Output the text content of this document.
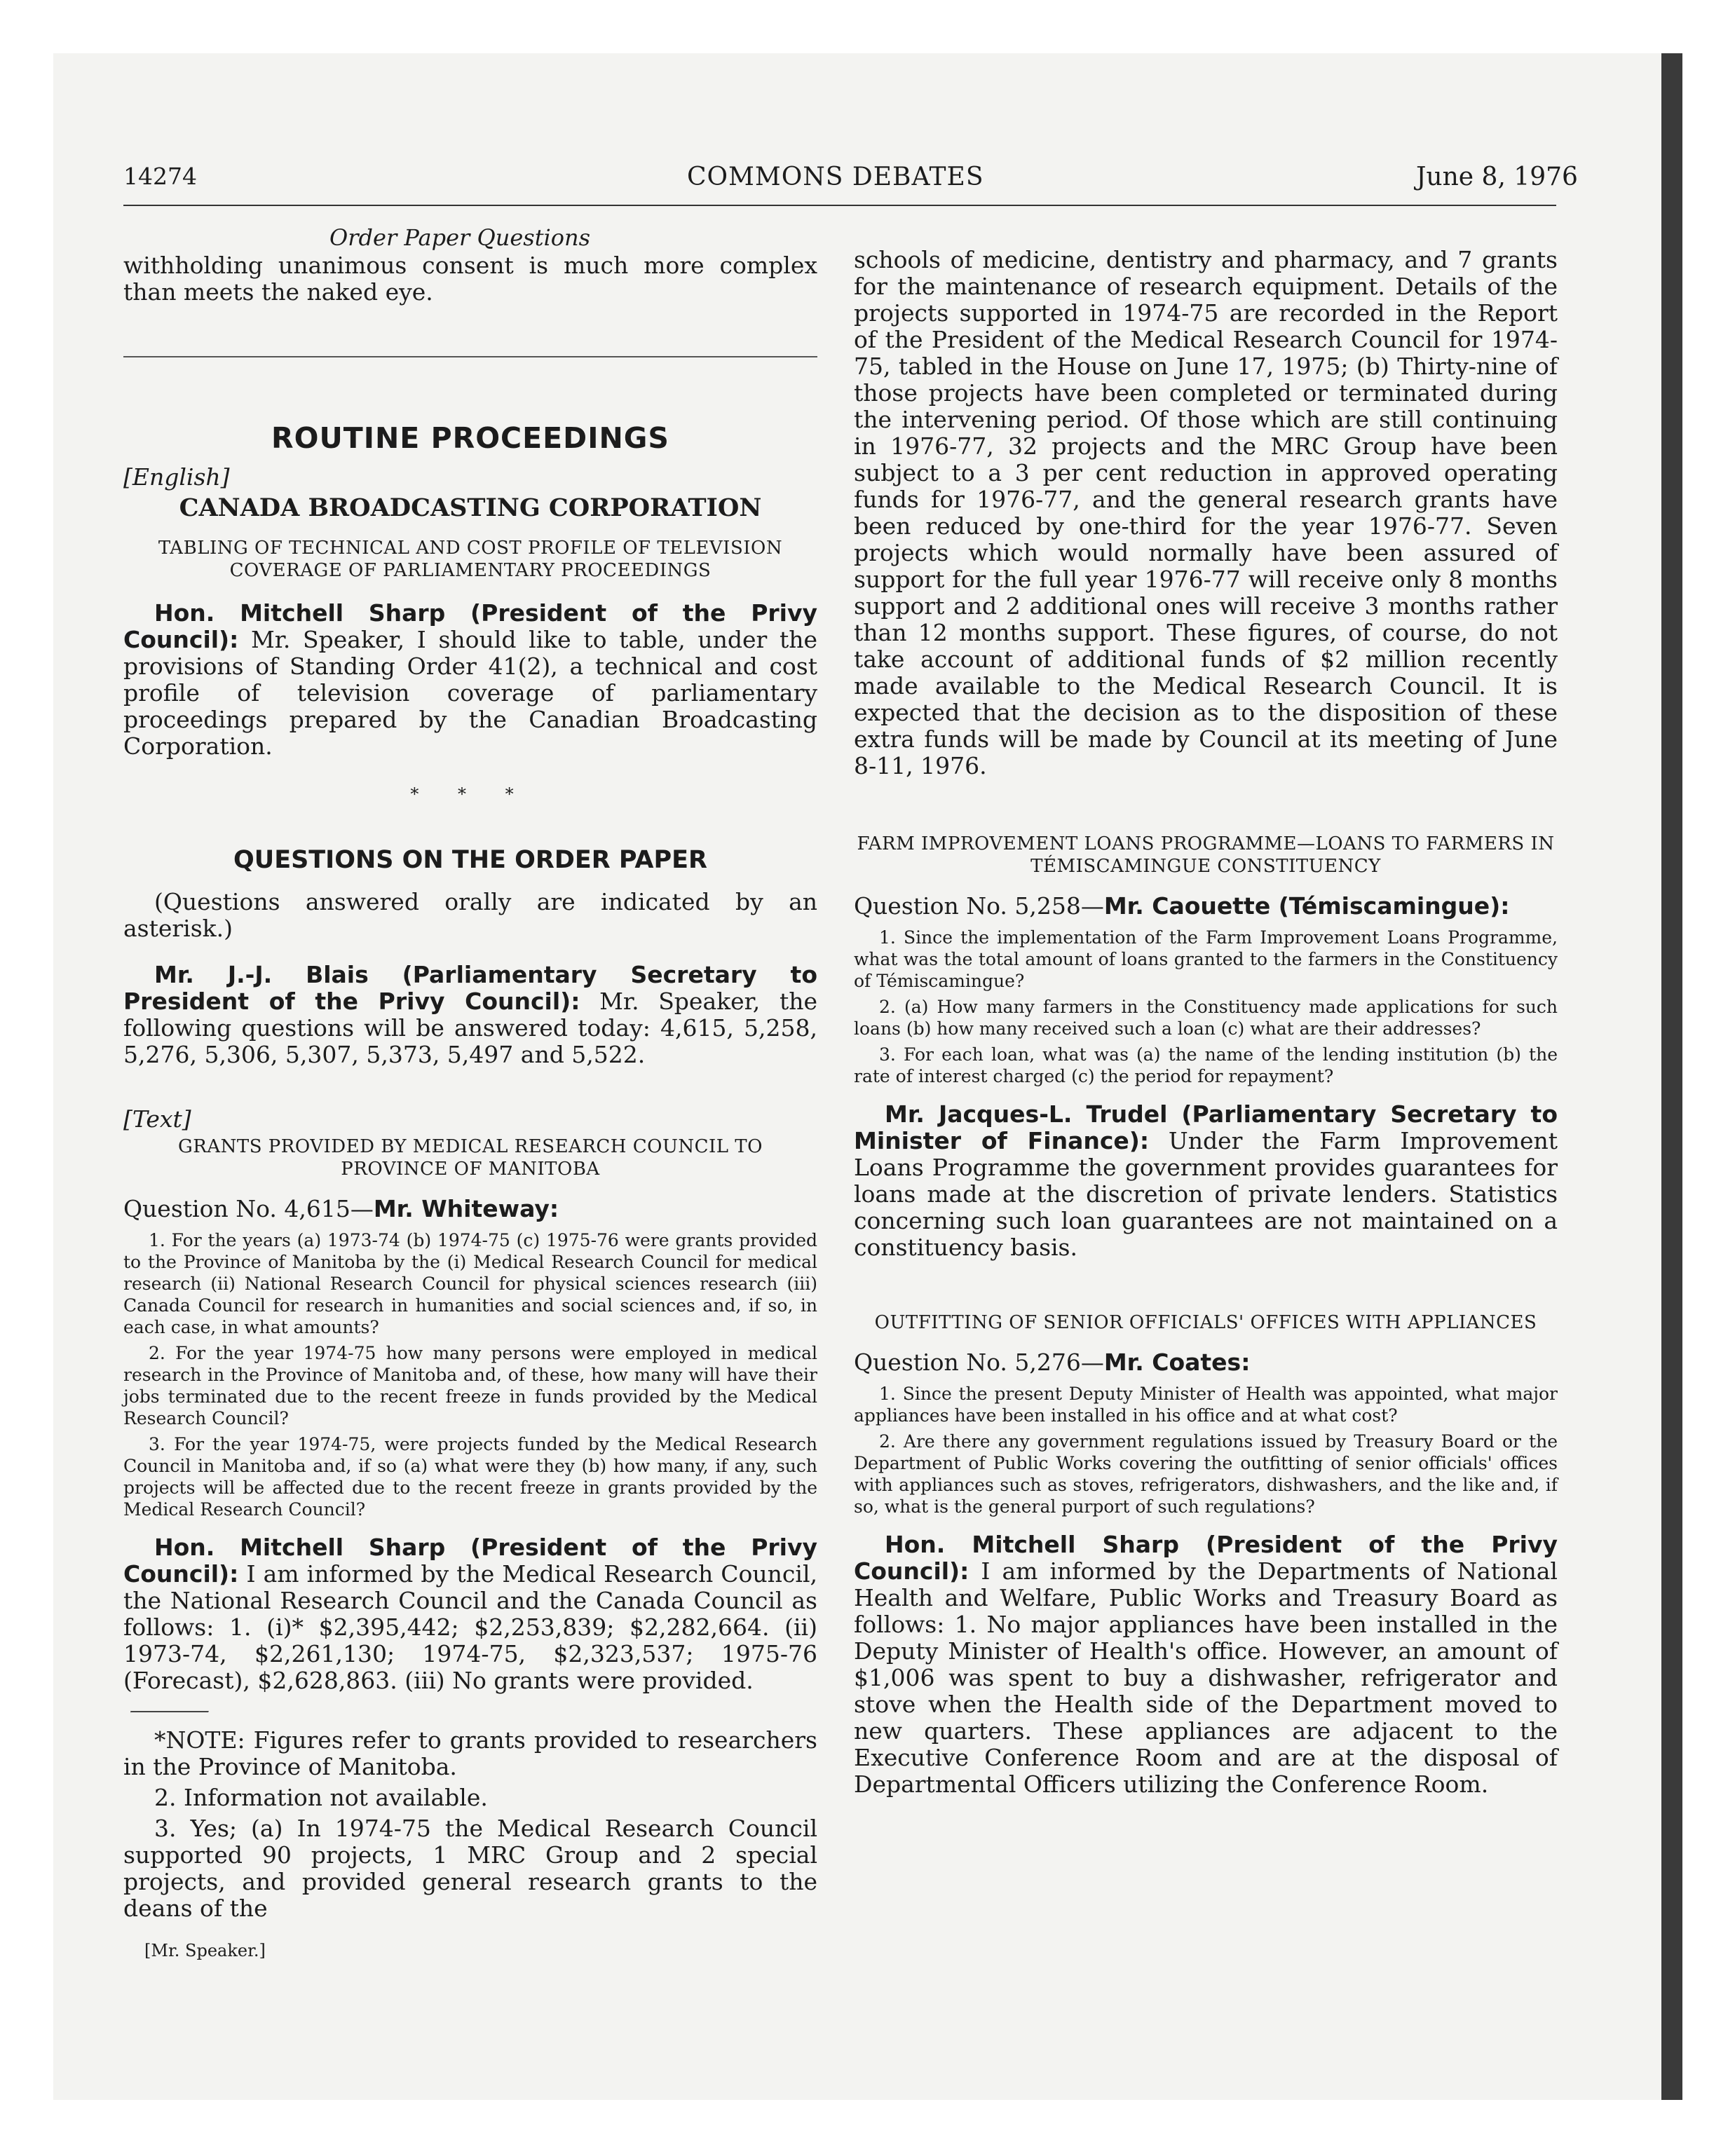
14274	COMMONS DEBATES	June 8, 1976
Order Paper Questions

withholding unanimous consent is much more complex than meets the naked eye.

ROUTINE PROCEEDINGS
[English]
CANADA BROADCASTING CORPORATION
TABLING OF TECHNICAL AND COST PROFILE OF TELEVISION COVERAGE OF PARLIAMENTARY PROCEEDINGS

Hon. Mitchell Sharp (President of the Privy Council): Mr. Speaker, I should like to table, under the provisions of Standing Order 41(2), a technical and cost profile of television coverage of parliamentary proceedings prepared by the Canadian Broadcasting Corporation.

* * *
QUESTIONS ON THE ORDER PAPER

(Questions answered orally are indicated by an asterisk.)

Mr. J.-J. Blais (Parliamentary Secretary to President of the Privy Council): Mr. Speaker, the following questions will be answered today: 4,615, 5,258, 5,276, 5,306, 5,307, 5,373, 5,497 and 5,522.

[Text]
GRANTS PROVIDED BY MEDICAL RESEARCH COUNCIL TO PROVINCE OF MANITOBA

Question No. 4,615—Mr. Whiteway:

1. For the years (a) 1973-74 (b) 1974-75 (c) 1975-76 were grants provided to the Province of Manitoba by the (i) Medical Research Council for medical research (ii) National Research Council for physical sciences research (iii) Canada Council for research in humanities and social sciences and, if so, in each case, in what amounts?

2. For the year 1974-75 how many persons were employed in medical research in the Province of Manitoba and, of these, how many will have their jobs terminated due to the recent freeze in funds provided by the Medical Research Council?

3. For the year 1974-75, were projects funded by the Medical Research Council in Manitoba and, if so (a) what were they (b) how many, if any, such projects will be affected due to the recent freeze in grants provided by the Medical Research Council?

Hon. Mitchell Sharp (President of the Privy Council): I am informed by the Medical Research Council, the National Research Council and the Canada Council as follows: 1. (i)* $2,395,442; $2,253,839; $2,282,664. (ii) 1973-74, $2,261,130; 1974-75, $2,323,537; 1975-76 (Forecast), $2,628,863. (iii) No grants were provided.

*NOTE: Figures refer to grants provided to researchers in the Province of Manitoba.

2. Information not available.

3. Yes; (a) In 1974-75 the Medical Research Council supported 90 projects, 1 MRC Group and 2 special projects, and provided general research grants to the deans of the

[Mr. Speaker.]

schools of medicine, dentistry and pharmacy, and 7 grants for the maintenance of research equipment. Details of the projects supported in 1974-75 are recorded in the Report of the President of the Medical Research Council for 1974-75, tabled in the House on June 17, 1975; (b) Thirty-nine of those projects have been completed or terminated during the intervening period. Of those which are still continuing in 1976-77, 32 projects and the MRC Group have been subject to a 3 per cent reduction in approved operating funds for 1976-77, and the general research grants have been reduced by one-third for the year 1976-77. Seven projects which would normally have been assured of support for the full year 1976-77 will receive only 8 months support and 2 additional ones will receive 3 months rather than 12 months support. These figures, of course, do not take account of additional funds of $2 million recently made available to the Medical Research Council. It is expected that the decision as to the disposition of these extra funds will be made by Council at its meeting of June 8-11, 1976.

FARM IMPROVEMENT LOANS PROGRAMME—LOANS TO FARMERS IN TÉMISCAMINGUE CONSTITUENCY

Question No. 5,258—Mr. Caouette (Témiscamingue):

1. Since the implementation of the Farm Improvement Loans Programme, what was the total amount of loans granted to the farmers in the Constituency of Témiscamingue?

2. (a) How many farmers in the Constituency made applications for such loans (b) how many received such a loan (c) what are their addresses?

3. For each loan, what was (a) the name of the lending institution (b) the rate of interest charged (c) the period for repayment?

Mr. Jacques-L. Trudel (Parliamentary Secretary to Minister of Finance): Under the Farm Improvement Loans Programme the government provides guarantees for loans made at the discretion of private lenders. Statistics concerning such loan guarantees are not maintained on a constituency basis.

OUTFITTING OF SENIOR OFFICIALS' OFFICES WITH APPLIANCES

Question No. 5,276—Mr. Coates:

1. Since the present Deputy Minister of Health was appointed, what major appliances have been installed in his office and at what cost?

2. Are there any government regulations issued by Treasury Board or the Department of Public Works covering the outfitting of senior officials' offices with appliances such as stoves, refrigerators, dishwashers, and the like and, if so, what is the general purport of such regulations?

Hon. Mitchell Sharp (President of the Privy Council): I am informed by the Departments of National Health and Welfare, Public Works and Treasury Board as follows: 1. No major appliances have been installed in the Deputy Minister of Health's office. However, an amount of $1,006 was spent to buy a dishwasher, refrigerator and stove when the Health side of the Department moved to new quarters. These appliances are adjacent to the Executive Conference Room and are at the disposal of Departmental Officers utilizing the Conference Room.
